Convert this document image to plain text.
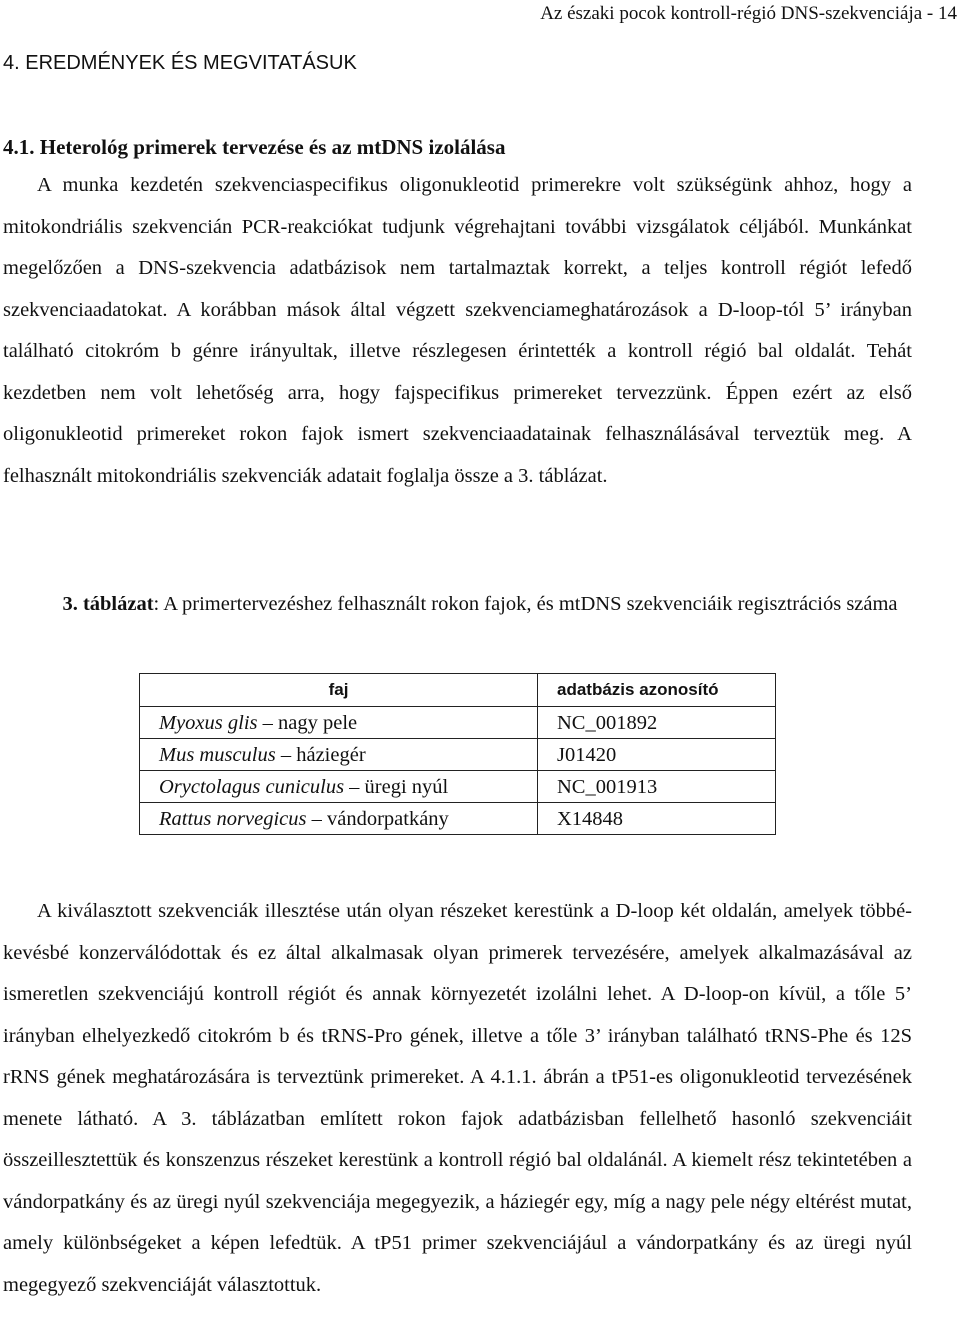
Az északi pocok kontroll-régió DNS-szekvenciája - 14
4. EREDMÉNYEK ÉS MEGVITATÁSUK
4.1. Heterológ primerek tervezése és az mtDNS izolálása

A munka kezdetén szekvenciaspecifikus oligonukleotid primerekre volt szükségünk ahhoz, hogy a mitokondriális szekvencián PCR-reakciókat tudjunk végrehajtani további vizsgálatok céljából. Munkánkat megelőzően a DNS-szekvencia adatbázisok nem tartalmaztak korrekt, a teljes kontroll régiót lefedő szekvenciaadatokat. A korábban mások által végzett szekvenciameghatározások a D-loop-tól 5’ irányban található citokróm b génre irányultak, illetve részlegesen érintették a kontroll régió bal oldalát. Tehát kezdetben nem volt lehetőség arra, hogy fajspecifikus primereket tervezzünk. Éppen ezért az első oligonukleotid primereket rokon fajok ismert szekvenciaadatainak felhasználásával terveztük meg. A felhasznált mitokondriális szekvenciák adatait foglalja össze a 3. táblázat.

3. táblázat: A primertervezéshez felhasznált rokon fajok, és mtDNS szekvenciáik regisztrációs száma
faj	adatbázis azonosító
Myoxus glis – nagy pele	NC_001892
Mus musculus – háziegér	J01420
Oryctolagus cuniculus – üregi nyúl	NC_001913
Rattus norvegicus – vándorpatkány	X14848

A kiválasztott szekvenciák illesztése után olyan részeket kerestünk a D-loop két oldalán, amelyek többé-kevésbé konzerválódottak és ez által alkalmasak olyan primerek tervezésére, amelyek alkalmazásával az ismeretlen szekvenciájú kontroll régiót és annak környezetét izolálni lehet. A D-loop-on kívül, a tőle 5’ irányban elhelyezkedő citokróm b és tRNS-Pro gének, illetve a tőle 3’ irányban található tRNS-Phe és 12S rRNS gének meghatározására is terveztünk primereket. A 4.1.1. ábrán a tP51-es oligonukleotid tervezésének menete látható. A 3. táblázatban említett rokon fajok adatbázisban fellelhető hasonló szekvenciáit összeillesztettük és konszenzus részeket kerestünk a kontroll régió bal oldalánál. A kiemelt rész tekintetében a vándorpatkány és az üregi nyúl szekvenciája megegyezik, a háziegér egy, míg a nagy pele négy eltérést mutat, amely különbségeket a képen lefedtük. A tP51 primer szekvenciájául a vándorpatkány és az üregi nyúl megegyező szekvenciáját választottuk.
